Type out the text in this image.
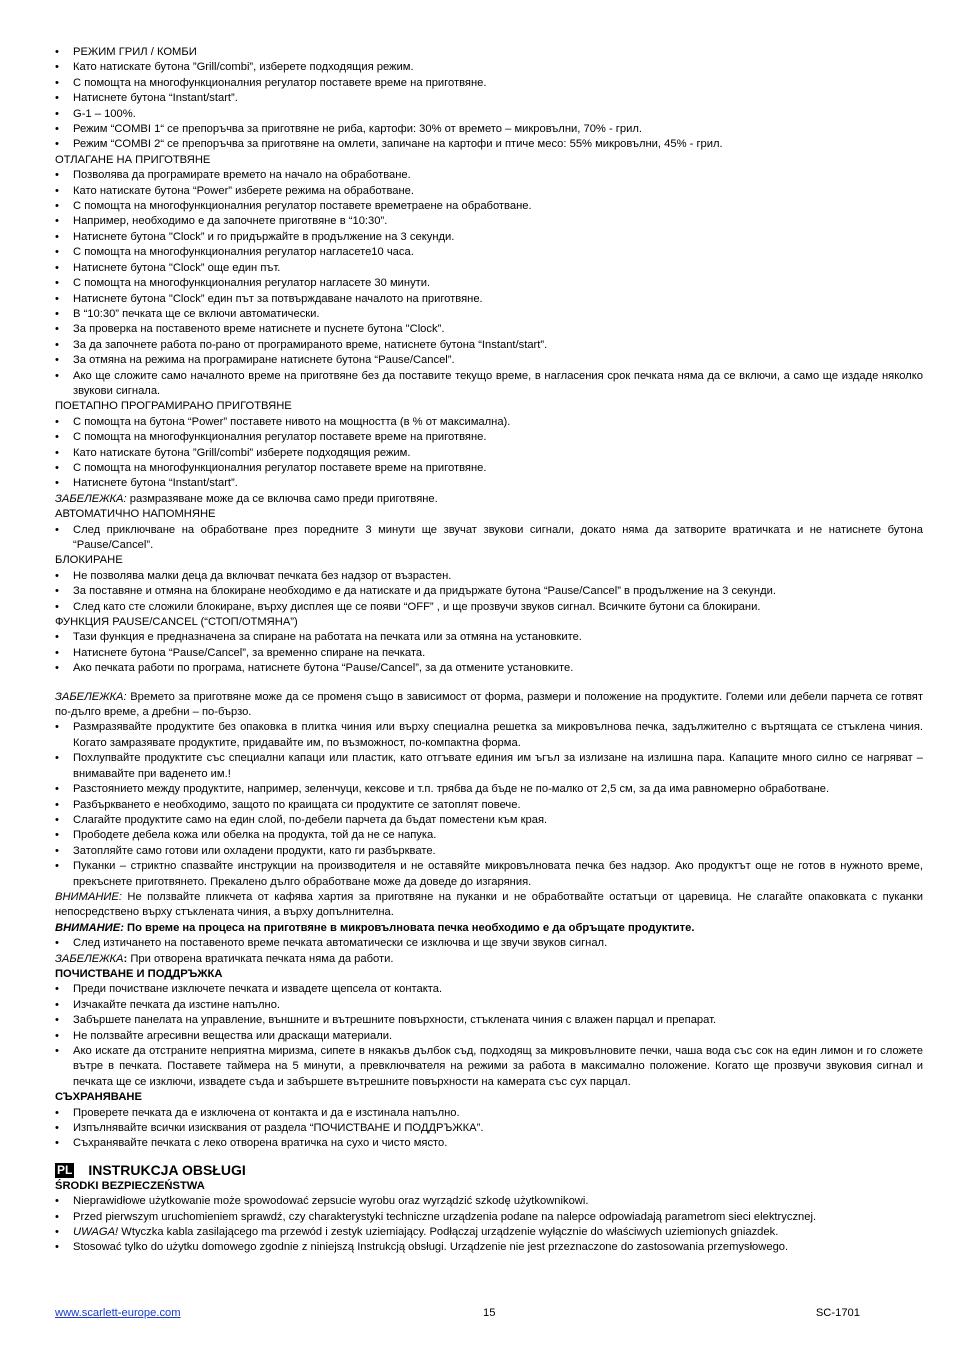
• РЕЖИМ ГРИЛ / КОМБИ
• Като натискате бутона ”Grill/combi”, изберете подходящия режим.
• С помощта на многофункционалния регулатор поставете време на приготвяне.
• Натиснете бутона “Instant/start”.
• G-1 – 100%.
• Режим “COMBI 1“ се препоръчва за приготвяне не риба, картофи: 30% от времето – микровълни, 70% - грил.
• Режим “COMBI 2“ се препоръчва за приготвяне на омлети, запичане на картофи и птиче месо: 55% микровълни, 45% - грил.
ОТЛАГАНЕ НА ПРИГОТВЯНЕ
• Позволява да програмирате времето на начало на обработване.
• Като натискате бутона “Power” изберете режима на обработване.
• С помощта на многофункционалния регулатор поставете времетраене на обработване.
• Например, необходимо е да започнете приготвяне в “10:30”.
• Натиснете бутона "Clock” и го придържайте в продължение на 3 секунди.
• С помощта на многофункционалния регулатор нагласете10 часа.
• Натиснете бутона "Clock” още един път.
• С помощта на многофункционалния регулатор нагласете 30 минути.
• Натиснете бутона "Clock” един път за потвърждаване началото на приготвяне.
• В “10:30” печката ще се включи автоматически.
• За проверка на поставеното време натиснете и пуснете бутона "Clock”.
• За да започнете работа по-рано от програмираното време, натиснете бутона “Instant/start”.
• За отмяна на режима на програмиране натиснете бутона “Pause/Cancel”.
• Ако ще сложите само началното време на приготвяне без да поставите текущо време, в нагласения срок печката няма да се включи, а само ще издаде няколко звукови сигнала.
ПОЕТАПНО ПРОГРАМИРАНО ПРИГОТВЯНЕ
• С помощта на бутона “Power” поставете нивото на мощността (в % от максимална).
• С помощта на многофункционалния регулатор поставете време на приготвяне.
• Като натискате бутона ”Grill/combi” изберете подходящия режим.
• С помощта на многофункционалния регулатор поставете време на приготвяне.
• Натиснете бутона “Instant/start”.
ЗАБЕЛЕЖКА: размразяване може да се включва само преди приготвяне.
АВТОМАТИЧНО НАПОМНЯНЕ
• След приключване на обработване през поредните 3 минути ще звучат звукови сигнали, докато няма да затворите вратичката и не натиснете бутона “Pause/Cancel”.
БЛОКИРАНЕ
• Не позволява малки деца да включват печката без надзор от възрастен.
• За поставяне и отмяна на блокиране необходимо е да натискате и да придържате бутона “Pause/Cancel” в продължение на 3 секунди.
• След като сте сложили блокиране, върху дисплея ще се появи “OFF” , и ще прозвучи звуков сигнал. Всичките бутони са блокирани.
ФУНКЦИЯ PAUSE/CANCEL (“СТОП/ОТМЯНА”)
• Тази функция е предназначена за спиране на работата на печката или за отмяна на установките.
• Натиснете бутона “Pause/Cancel”, за временно спиране на печката.
• Ако печката работи по програма, натиснете бутона “Pause/Cancel”, за да отмените установките.
ЗАБЕЛЕЖКА: Времето за приготвяне може да се променя също в зависимост от форма, размери и положение на продуктите. Големи или дебели парчета се готвят по-дълго време, а дребни – по-бързо.
• Размразявайте продуктите без опаковка в плитка чиния или върху специална решетка за микровълнова печка, задължително с въртящата се стъклена чиния. Когато замразявате продуктите, придавайте им, по възможност, по-компактна форма.
• Похлупвайте продуктите със специални капаци или пластик, като отгъвате единия им ъгъл за излизане на излишна пара. Капаците много силно се нагряват – внимавайте при ваденето им.!
• Разстоянието между продуктите, например, зеленчуци, кексове и т.п. трябва да бъде не по-малко от 2,5 см, за да има равномерно обработване.
• Разбъркването е необходимо, защото по краищата си продуктите се затоплят повече.
• Слагайте продуктите само на един слой, по-дебели парчета да бъдат поместени към края.
• Прободете дебела кожа или обелка на продукта, той да не се напука.
• Затопляйте само готови или охладени продукти, като ги разбърквате.
• Пуканки – стриктно спазвайте инструкции на производителя и не оставяйте микровълновата печка без надзор. Ако продуктът още не готов в нужното време, прекъснете приготвянето. Прекалено дълго обработване може да доведе до изгаряния.
ВНИМАНИЕ: Не ползвайте пликчета от кафява хартия за приготвяне на пуканки и не обработвайте остатъци от царевица. Не слагайте опаковката с пуканки непосредствено върху стъклената чиния, а върху допълнителна.
ВНИМАНИЕ: По време на процеса на приготвяне в микровълновата печка необходимо е да обръщате продуктите.
• След изтичането на поставеното време печката автоматически се изключва и ще звучи звуков сигнал.
ЗАБЕЛЕЖКА: При отворена вратичката печката няма да работи.
ПОЧИСТВАНЕ И ПОДДРЪЖКА
• Преди почистване изключете печката и извадете щепсела от контакта.
• Изчакайте печката да изстине напълно.
• Забършете панелата на управление, външните и вътрешните повърхности, стъклената чиния с влажен парцал и препарат.
• Не ползвайте агресивни вещества или драскащи материали.
• Ако искате да отстраните неприятна миризма, сипете в някакъв дълбок съд, подходящ за микровълновите печки, чаша вода със сок на един лимон и го сложете вътре в печката. Поставете таймера на 5 минути, а превключвателя на режими за работа в максимално положение. Когато ще прозвучи звуковия сигнал и печката ще се изключи, извадете съда и забършете вътрешните повърхности на камерата със сух парцал.
СЪХРАНЯВАНЕ
• Проверете печката да е изключена от контакта и да е изстинала напълно.
• Изпълнявайте всички изисквания от раздела “ПОЧИСТВАНЕ И ПОДДРЪЖКА”.
• Съхранявайте печката с леко отворена вратичка на сухо и чисто място.
PL INSTRUKCJA OBSŁUGI
ŚRODKI BEZPIECZEŃSTWA
• Nieprawidłowe użytkowanie może spowodować zepsucie wyrobu oraz wyrządzić szkodę użytkownikowi.
• Przed pierwszym uruchomieniem sprawdź, czy charakterystyki techniczne urządzenia podane na nalepce odpowiadają parametrom sieci elektrycznej.
• UWAGA! Wtyczka kabla zasilającego ma przewód i zestyk uziemiający. Podłączaj urządzenie wyłącznie do właściwych uziemionych gniazdek.
• Stosować tylko do użytku domowego zgodnie z niniejszą Instrukcją obsługi. Urządzenie nie jest przeznaczone do zastosowania przemysłowego.
www.scarlett-europe.com	15	SC-1701
